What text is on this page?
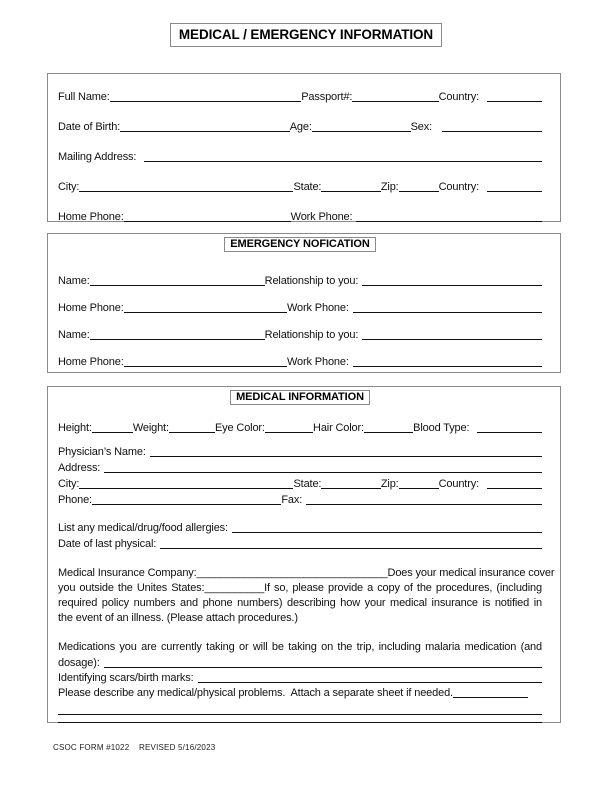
MEDICAL / EMERGENCY INFORMATION
Full Name:	Passport#:	Country:
Date of Birth:	Age:	Sex:
Mailing Address:
City:	State:	Zip:	Country:
Home Phone:	Work Phone:
EMERGENCY NOFICATION
Name:	Relationship to you:
Home Phone:	Work Phone:
Name:	Relationship to you:
Home Phone:	Work Phone:
MEDICAL INFORMATION
Height:	Weight:	Eye Color:	Hair Color:	Blood Type:
Physician’s Name:
Address:
City:	State:	Zip:	Country:
Phone:	Fax:
List any medical/drug/food allergies:
Date of last physical:
Medical Insurance Company:________________________________Does your medical insurance cover
you outside the Unites States:__________If so, please provide a copy of the procedures, (including
required policy numbers and phone numbers) describing how your medical insurance is notified in
the event of an illness. (Please attach procedures.)
Medications you are currently taking or will be taking on the trip, including malaria medication (and
dosage):
Identifying scars/birth marks:
Please describe any medical/physical problems.  Attach a separate sheet if needed.
CSOC FORM #1022    REVISED 5/16/2023
